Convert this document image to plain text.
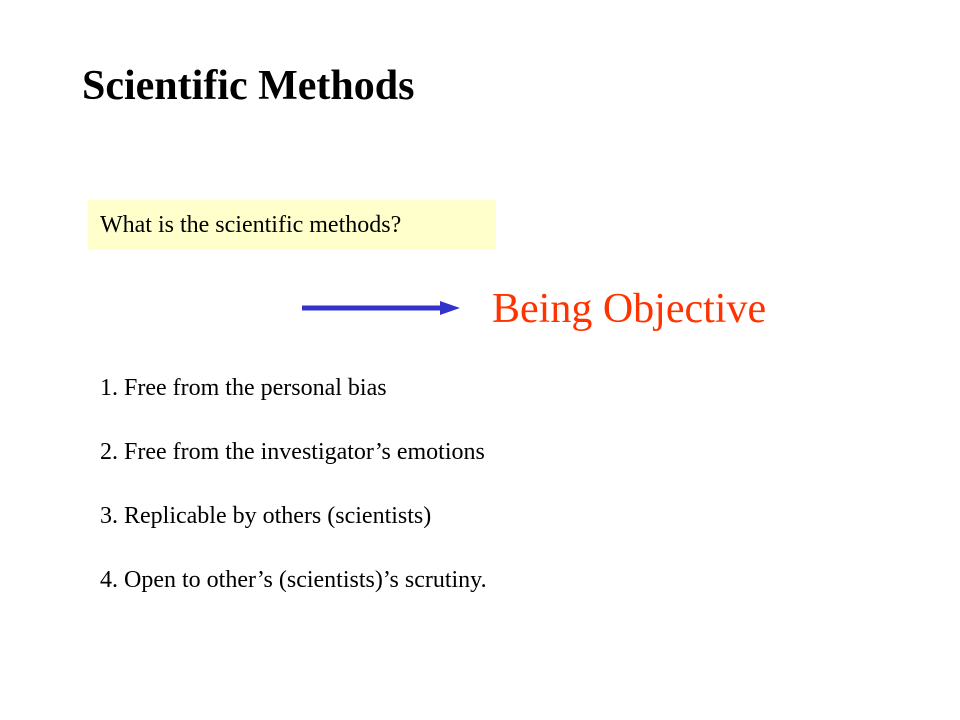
Scientific Methods
What is the scientific methods?
Being Objective
1. Free from the personal bias
2. Free from the investigator’s emotions
3. Replicable by others (scientists)
4. Open to other’s (scientists)’s scrutiny.
